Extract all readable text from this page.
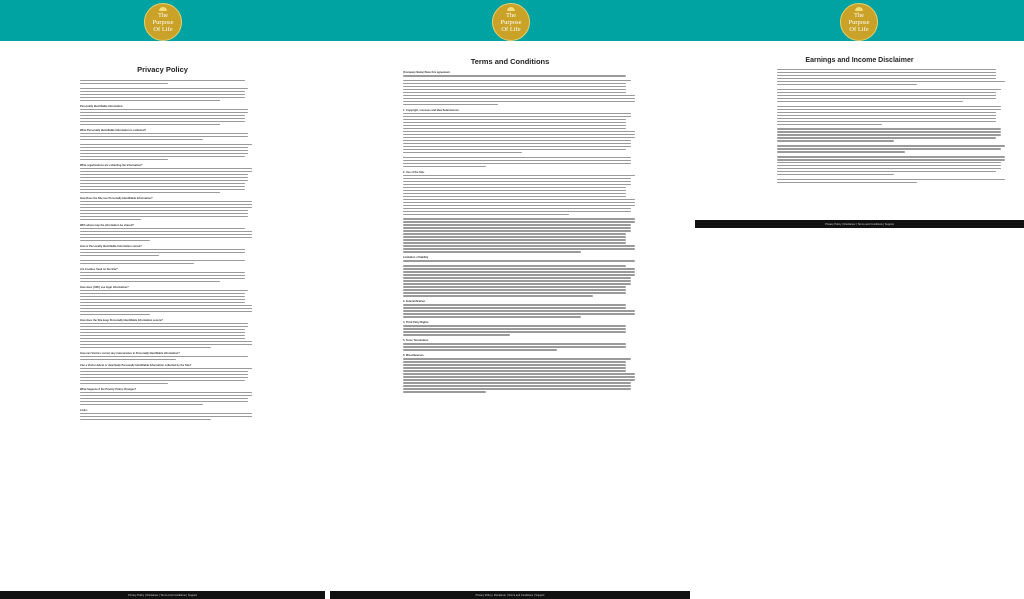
The
Purpose
Of Life
The
Purpose
Of Life
The
Purpose
Of Life
Privacy Policy
Personally Identifiable Information
What Personally Identifiable Information is collected?
What organizations are collecting the information?
How Does the Site use Personally Identifiable Information?
With whom may the information be shared?
How is Personally Identifiable Information stored?
Are Cookies Used on the Site?
How does [URL] use login information?
How does the Site keep Personally Identifiable Information secure?
How can Visitors correct any inaccuracies in Personally Identifiable Information?
Can a Visitor delete or deactivate Personally Identifiable Information collected by the Site?
What happens if the Privacy Policy Changes?
Links:
Privacy Policy | Disclaimer | Terms And Conditions | Support
Terms and Conditions
[Company Name] Note this agreement
1. Copyright, Licenses and Idea Submissions.
2. Use of the Site.
Limitation of liability
3. Indemnification.
4. Third Party Rights.
5. Term; Termination.
6. Miscellaneous.
Privacy Policy | Disclaimer | Terms and Conditions | Support
Earnings and Income Disclaimer
Privacy Policy | Disclaimer | Terms and Conditions | Support
